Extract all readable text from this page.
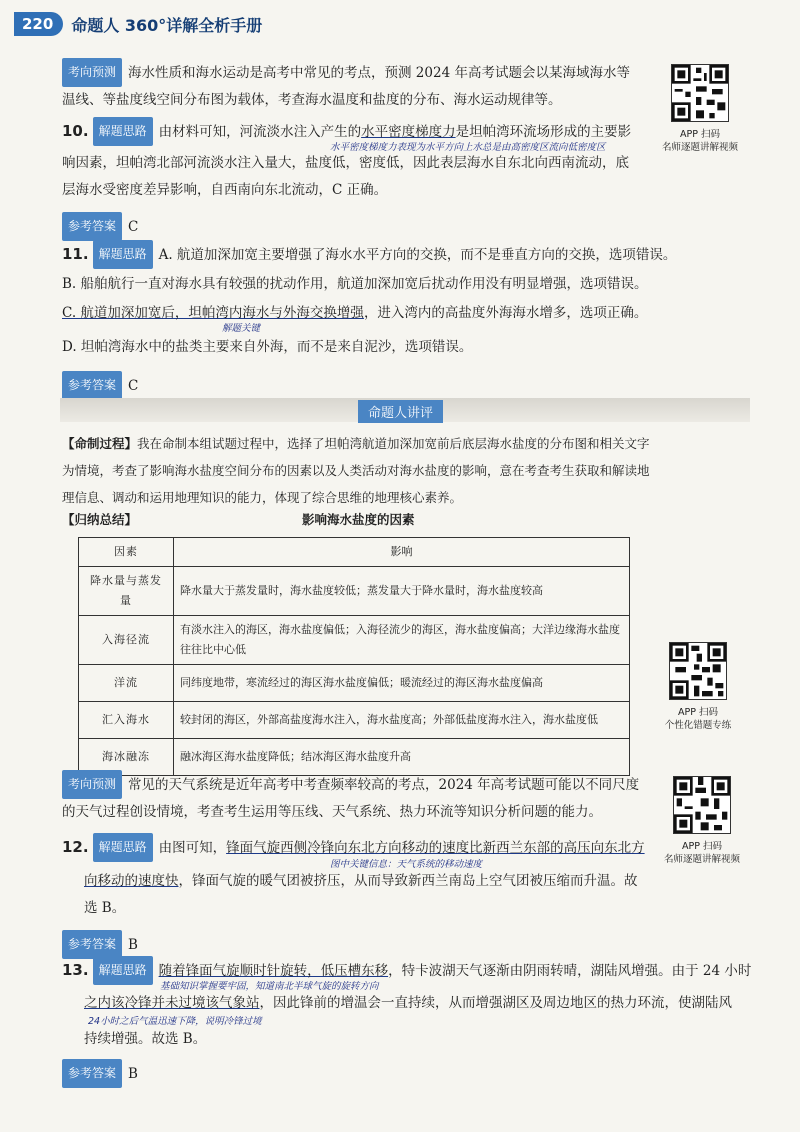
220	命题人 360°详解全析手册
考向预测 海水性质和海水运动是高考中常见的考点，预测 2024 年高考试题会以某海域海水等
温线、等盐度线空间分布图为载体，考查海水温度和盐度的分布、海水运动规律等。
APP 扫码
名师逐题讲解视频
10. 解题思路 由材料可知，河流淡水注入产生的水平密度梯度力是坦帕湾环流场形成的主要影
水平密度梯度力表现为水平方向上水总是由高密度区流向低密度区
响因素，坦帕湾北部河流淡水注入量大，盐度低，密度低，因此表层海水自东北向西南流动，底
层海水受密度差异影响，自西南向东北流动，C 正确。
参考答案 C
11. 解题思路 A. 航道加深加宽主要增强了海水水平方向的交换，而不是垂直方向的交换，选项错误。
B. 船舶航行一直对海水具有较强的扰动作用，航道加深加宽后扰动作用没有明显增强，选项错误。
C. 航道加深加宽后，坦帕湾内海水与外海交换增强，进入湾内的高盐度外海海水增多，选项正确。
解题关键
D. 坦帕湾海水中的盐类主要来自外海，而不是来自泥沙，选项错误。
参考答案 C
命题人讲评
【命制过程】我在命制本组试题过程中，选择了坦帕湾航道加深加宽前后底层海水盐度的分布图和相关文字
为情境，考查了影响海水盐度空间分布的因素以及人类活动对海水盐度的影响，意在考查考生获取和解读地
理信息、调动和运用地理知识的能力，体现了综合思维的地理核心素养。
【归纳总结】	影响海水盐度的因素
因素	影响
降水量与蒸发量	降水量大于蒸发量时，海水盐度较低；蒸发量大于降水量时，海水盐度较高

入海径流	有淡水注入的海区，海水盐度偏低；入海径流少的海区，海水盐度偏高；大洋边缘海水盐度
往往比中心低

洋流	同纬度地带，寒流经过的海区海水盐度偏低；暖流经过的海区海水盐度偏高

汇入海水	较封闭的海区，外部高盐度海水注入，海水盐度高；外部低盐度海水注入，海水盐度低

海冰融冻	融冰海区海水盐度降低；结冰海区海水盐度升高
APP 扫码
个性化错题专练
考向预测 常见的天气系统是近年高考中考查频率较高的考点，2024 年高考试题可能以不同尺度
的天气过程创设情境，考查考生运用等压线、天气系统、热力环流等知识分析问题的能力。
APP 扫码
名师逐题讲解视频
12. 解题思路 由图可知，锋面气旋西侧冷锋向东北方向移动的速度比新西兰东部的高压向东北方
图中关键信息：天气系统的移动速度
向移动的速度快，锋面气旋的暖气团被挤压，从而导致新西兰南岛上空气团被压缩而升温。故
选 B。
参考答案 B
13. 解题思路 随着锋面气旋顺时针旋转，低压槽东移，特卡波湖天气逐渐由阴雨转晴，湖陆风增强。由于 24 小时
基础知识掌握要牢固，知道南北半球气旋的旋转方向
之内该冷锋并未过境该气象站，因此锋前的增温会一直持续，从而增强湖区及周边地区的热力环流，使湖陆风
24小时之后气温迅速下降，说明冷锋过境
持续增强。故选 B。
参考答案 B
